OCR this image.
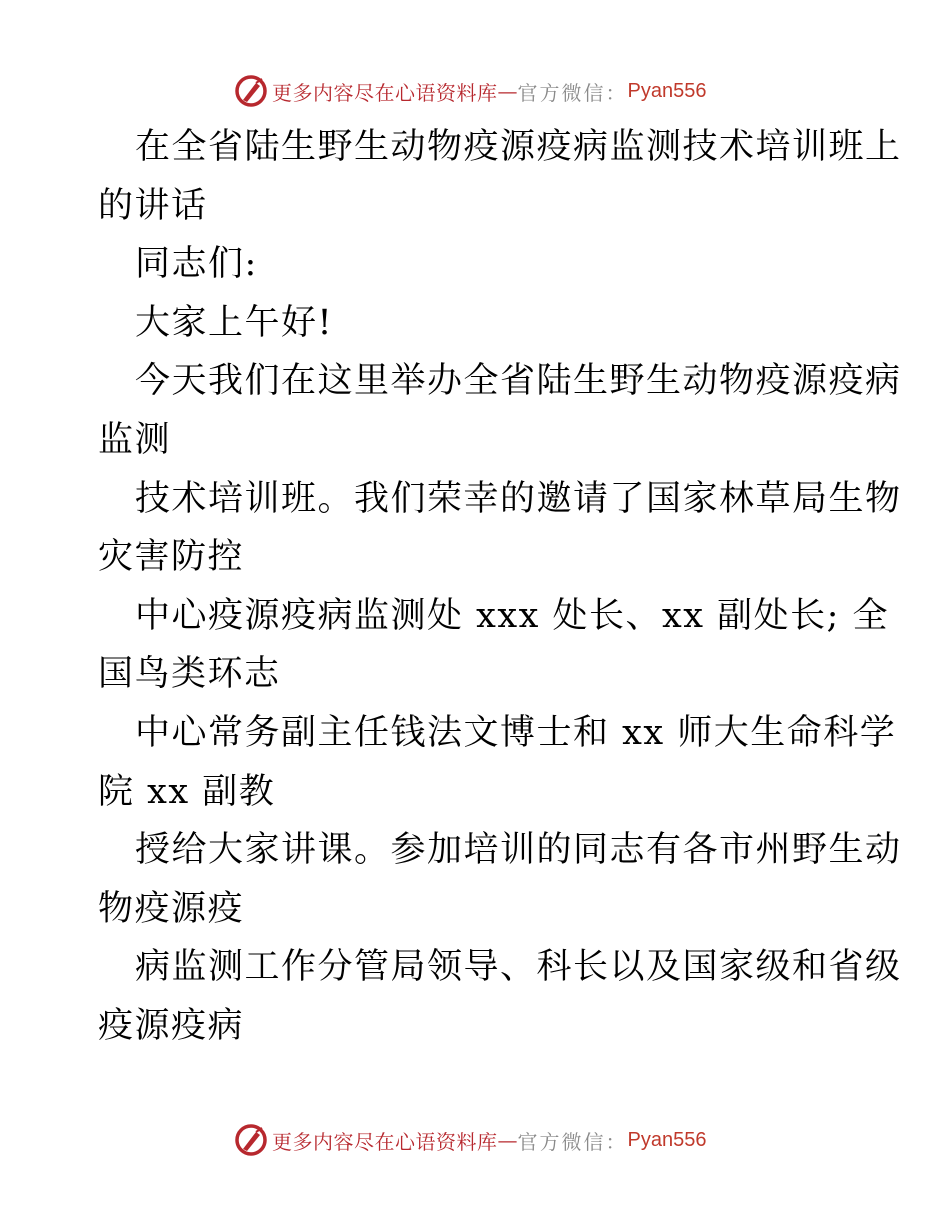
更多内容尽在心语资料库 — 官方微信： Pyan556
在全省陆生野生动物疫源疫病监测技术培训班上
的讲话
同志们:
大家上午好!
今天我们在这里举办全省陆生野生动物疫源疫病
监测
技术培训班。我们荣幸的邀请了国家林草局生物
灾害防控
中心疫源疫病监测处 xxx 处长、xx 副处长; 全
国鸟类环志
中心常务副主任钱法文博士和 xx 师大生命科学
院 xx 副教
授给大家讲课。参加培训的同志有各市州野生动
物疫源疫
病监测工作分管局领导、科长以及国家级和省级
疫源疫病
更多内容尽在心语资料库 — 官方微信： Pyan556
